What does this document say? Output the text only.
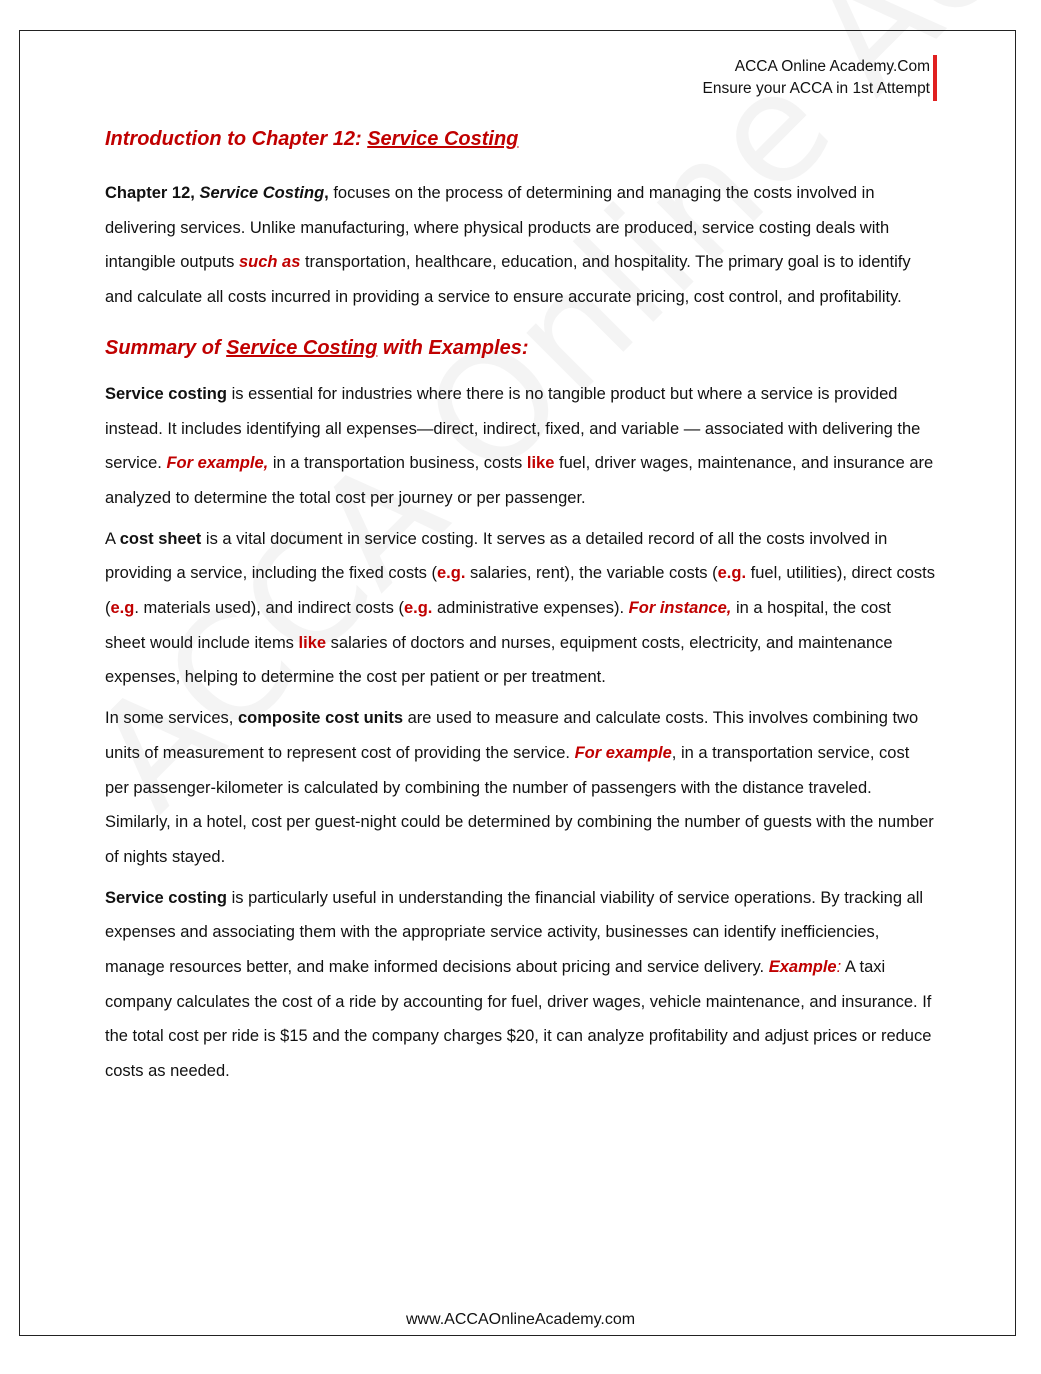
ACCA Online Academy.Com
Ensure your ACCA in 1st Attempt
Introduction to Chapter 12: Service Costing

Chapter 12, Service Costing, focuses on the process of determining and managing the costs involved in delivering services. Unlike manufacturing, where physical products are produced, service costing deals with intangible outputs such as transportation, healthcare, education, and hospitality. The primary goal is to identify and calculate all costs incurred in providing a service to ensure accurate pricing, cost control, and profitability.

Summary of Service Costing with Examples:

Service costing is essential for industries where there is no tangible product but where a service is provided instead. It includes identifying all expenses—direct, indirect, fixed, and variable — associated with delivering the service. For example, in a transportation business, costs like fuel, driver wages, maintenance, and insurance are analyzed to determine the total cost per journey or per passenger.

A cost sheet is a vital document in service costing. It serves as a detailed record of all the costs involved in providing a service, including the fixed costs (e.g. salaries, rent), the variable costs (e.g. fuel, utilities), direct costs (e.g. materials used), and indirect costs (e.g. administrative expenses). For instance, in a hospital, the cost sheet would include items like salaries of doctors and nurses, equipment costs, electricity, and maintenance expenses, helping to determine the cost per patient or per treatment.

In some services, composite cost units are used to measure and calculate costs. This involves combining two units of measurement to represent cost of providing the service. For example, in a transportation service, cost per passenger-kilometer is calculated by combining the number of passengers with the distance traveled. Similarly, in a hotel, cost per guest-night could be determined by combining the number of guests with the number of nights stayed.

Service costing is particularly useful in understanding the financial viability of service operations. By tracking all expenses and associating them with the appropriate service activity, businesses can identify inefficiencies, manage resources better, and make informed decisions about pricing and service delivery. Example: A taxi company calculates the cost of a ride by accounting for fuel, driver wages, vehicle maintenance, and insurance. If the total cost per ride is $15 and the company charges $20, it can analyze profitability and adjust prices or reduce costs as needed.

www.ACCAOnlineAcademy.com
